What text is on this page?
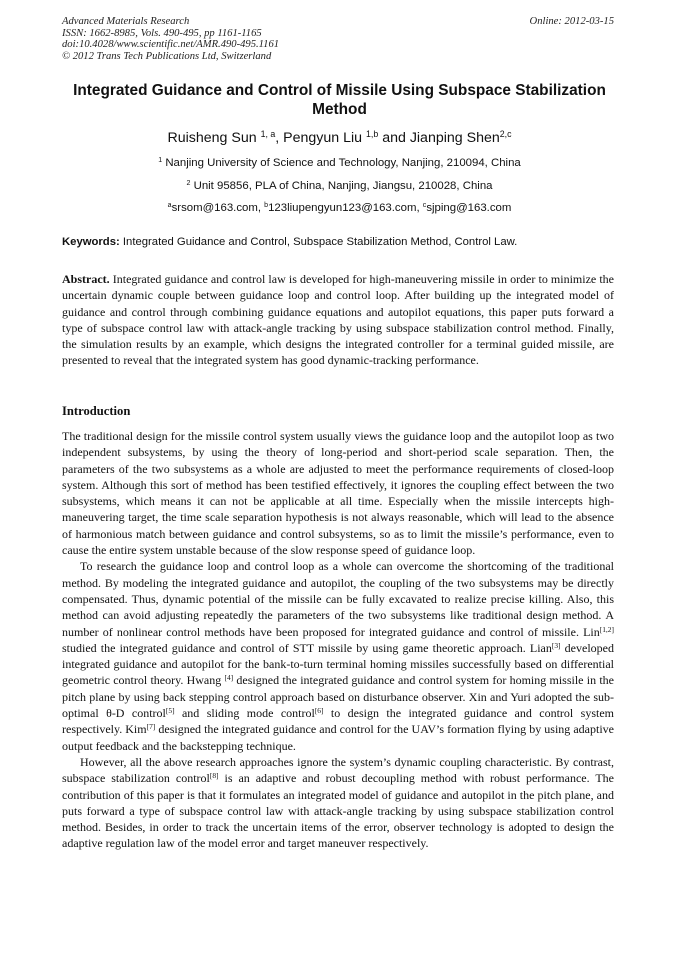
Advanced Materials Research
ISSN: 1662-8985, Vols. 490-495, pp 1161-1165
doi:10.4028/www.scientific.net/AMR.490-495.1161
© 2012 Trans Tech Publications Ltd, Switzerland
Online: 2012-03-15
Integrated Guidance and Control of Missile Using Subspace Stabilization Method
Ruisheng Sun $^{1, a}$, Pengyun Liu $^{1,b}$ and Jianping Shen$^{2,c}$
$^1$ Nanjing University of Science and Technology, Nanjing, 210094, China
$^2$ Unit 95856, PLA of China, Nanjing, Jiangsu, 210028, China
$^a$srsom@163.com, $^b$123liupengyun123@163.com, $^c$sjping@163.com
Keywords: Integrated Guidance and Control, Subspace Stabilization Method, Control Law.

Abstract. Integrated guidance and control law is developed for high-maneuvering missile in order to minimize the uncertain dynamic couple between guidance loop and control loop. After building up the integrated model of guidance and control through combining guidance equations and autopilot equations, this paper puts forward a type of subspace control law with attack-angle tracking by using subspace stabilization control method. Finally, the simulation results by an example, which designs the integrated controller for a terminal guided missile, are presented to reveal that the integrated system has good dynamic-tracking performance.

Introduction

The traditional design for the missile control system usually views the guidance loop and the autopilot loop as two independent subsystems, by using the theory of long-period and short-period scale separation. Then, the parameters of the two subsystems as a whole are adjusted to meet the performance requirements of closed-loop system. Although this sort of method has been testified effectively, it ignores the coupling effect between the two subsystems, which means it can not be applicable at all time. Especially when the missile intercepts high-maneuvering target, the time scale separation hypothesis is not always reasonable, which will lead to the absence of harmonious match between guidance and control subsystems, so as to limit the missile’s performance, even to cause the entire system unstable because of the slow response speed of guidance loop.

To research the guidance loop and control loop as a whole can overcome the shortcoming of the traditional method. By modeling the integrated guidance and autopilot, the coupling of the two subsystems may be directly compensated. Thus, dynamic potential of the missile can be fully excavated to realize precise killing. Also, this method can avoid adjusting repeatedly the parameters of the two subsystems like traditional design method. A number of nonlinear control methods have been proposed for integrated guidance and control of missile. Lin[1,2] studied the integrated guidance and control of STT missile by using game theoretic approach. Lian[3] developed integrated guidance and autopilot for the bank-to-turn terminal homing missiles successfully based on differential geometric control theory. Hwang [4] designed the integrated guidance and control system for homing missile in the pitch plane by using back stepping control approach based on disturbance observer. Xin and Yuri adopted the sub-optimal θ-D control[5] and sliding mode control[6] to design the integrated guidance and control system respectively. Kim[7] designed the integrated guidance and control for the UAV’s formation flying by using adaptive output feedback and the backstepping technique.

However, all the above research approaches ignore the system’s dynamic coupling characteristic. By contrast, subspace stabilization control[8] is an adaptive and robust decoupling method with robust performance. The contribution of this paper is that it formulates an integrated model of guidance and autopilot in the pitch plane, and puts forward a type of subspace control law with attack-angle tracking by using subspace stabilization control method. Besides, in order to track the uncertain items of the error, observer technology is adopted to design the adaptive regulation law of the model error and target maneuver respectively.
